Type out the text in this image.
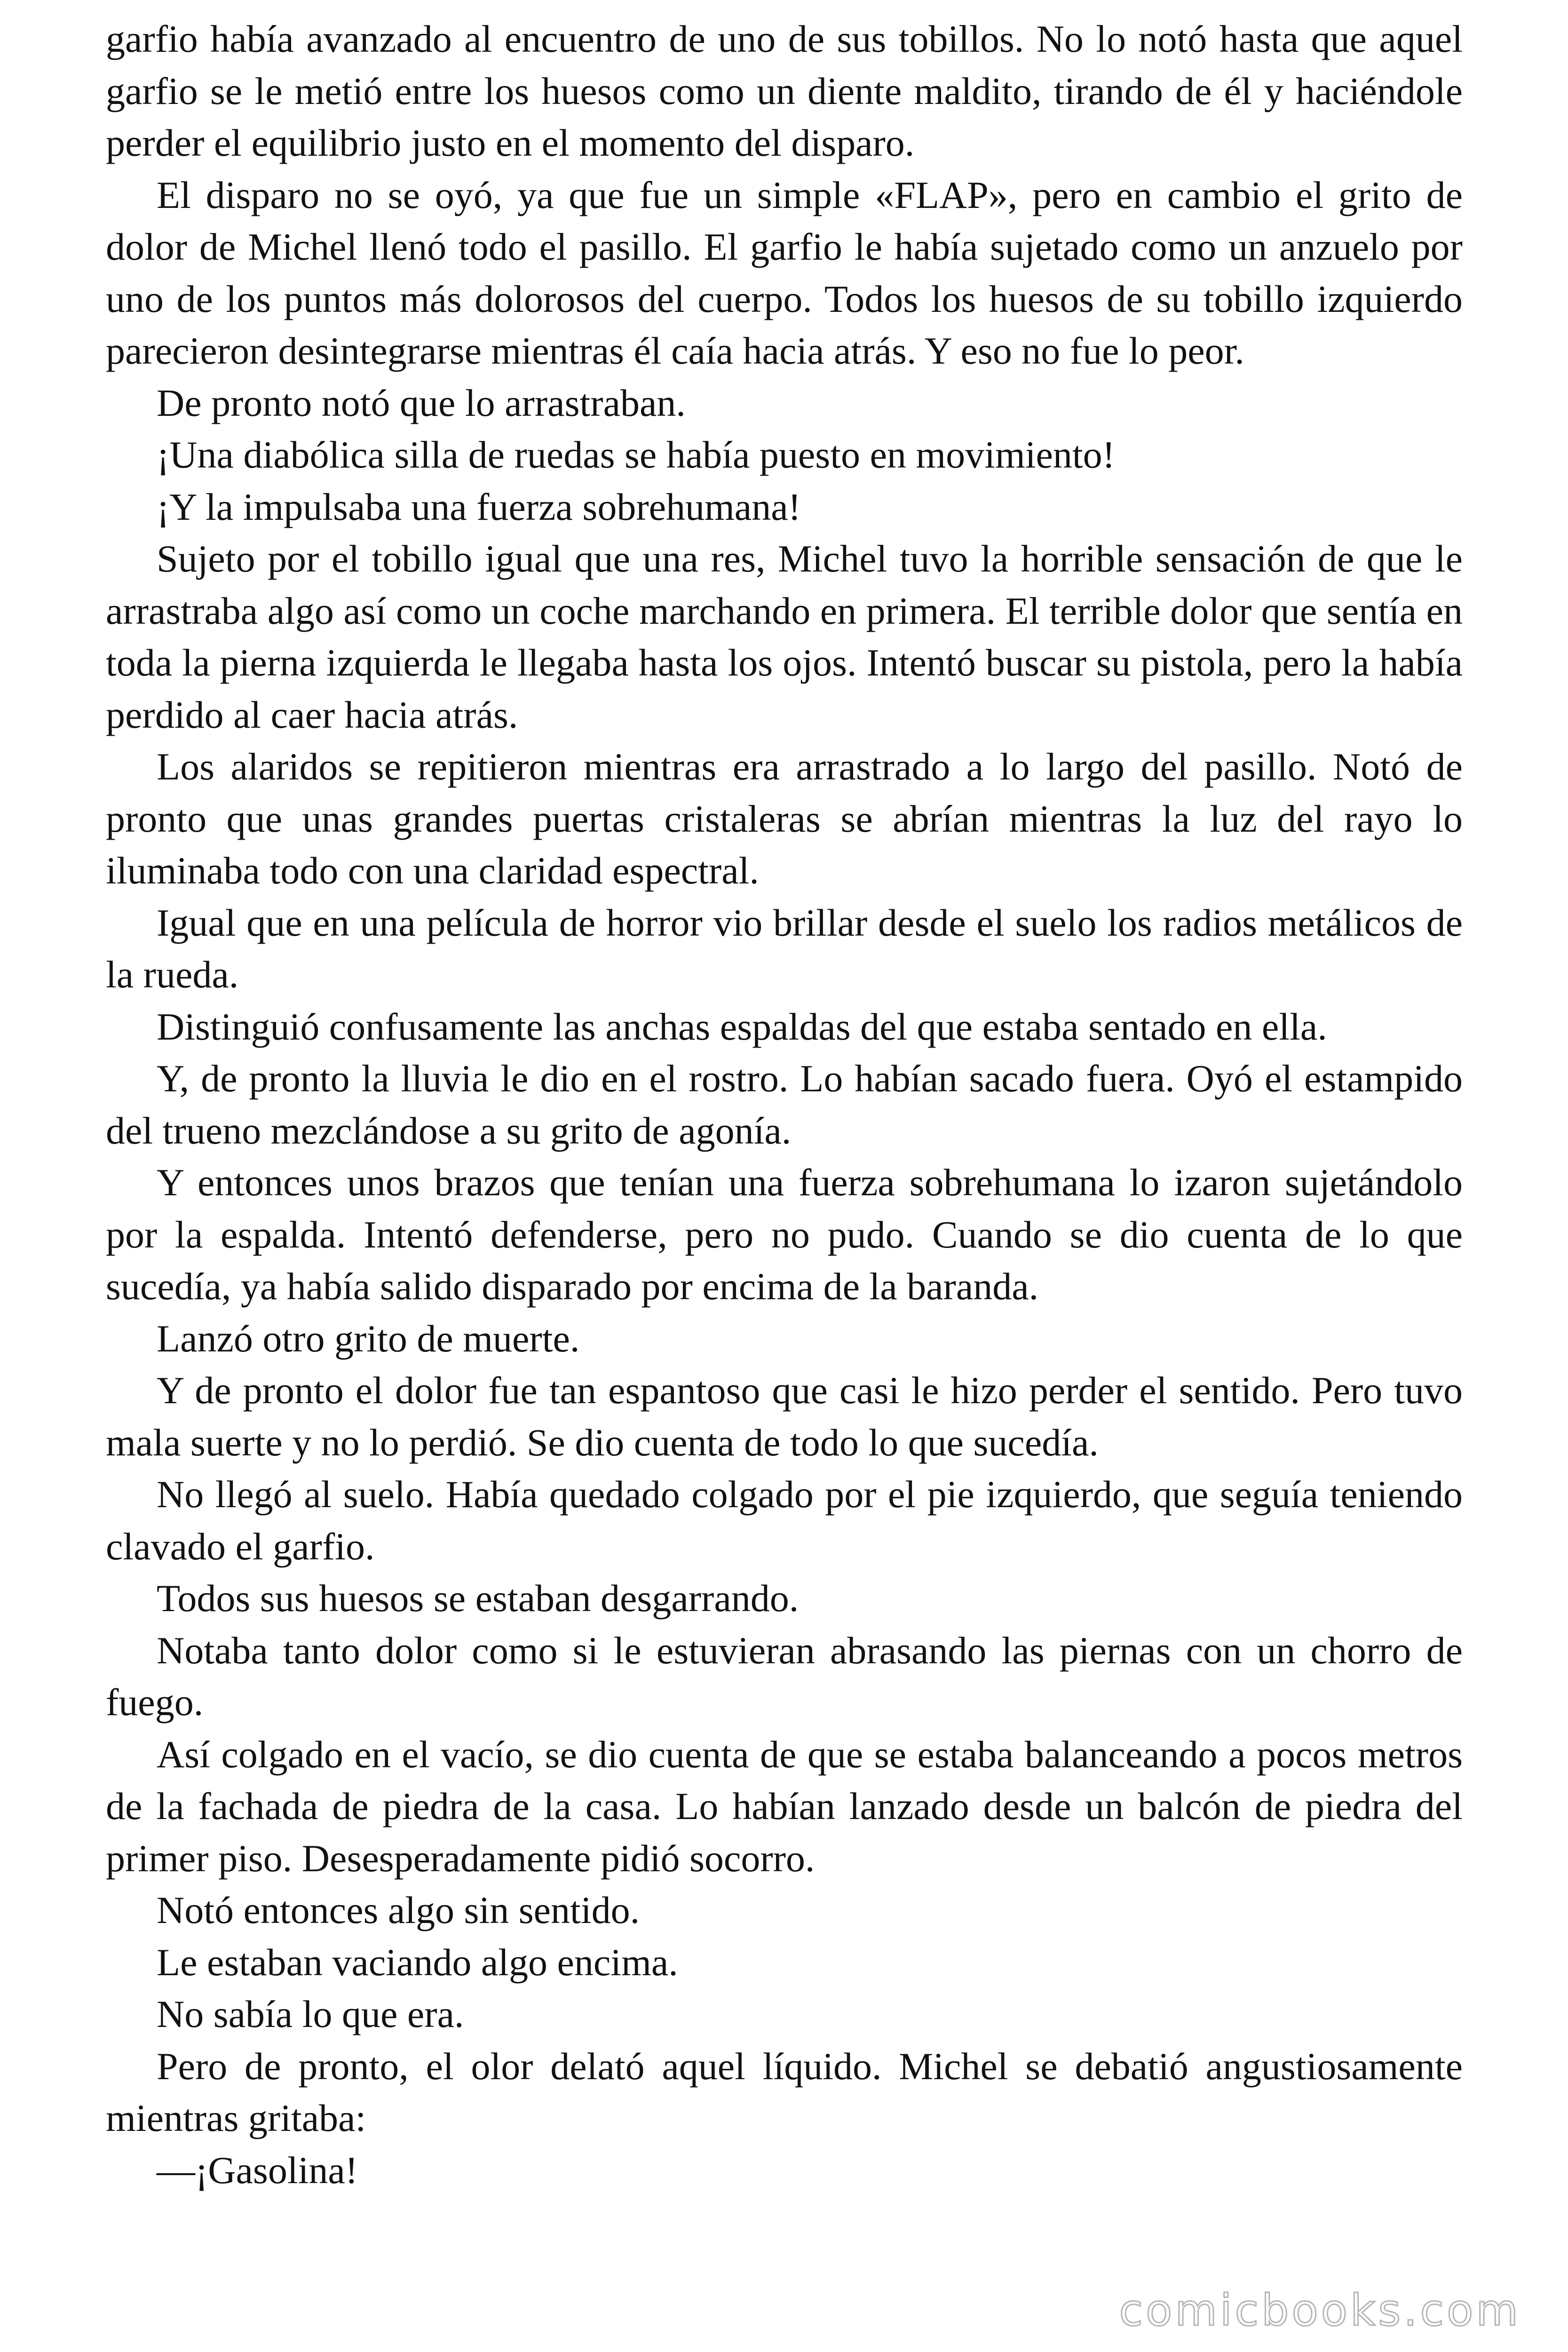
garfio había avanzado al encuentro de uno de sus tobillos. No lo notó hasta que aquel garfio se le metió entre los huesos como un diente maldito, tirando de él y haciéndole perder el equilibrio justo en el momento del disparo.

El disparo no se oyó, ya que fue un simple «FLAP», pero en cambio el grito de dolor de Michel llenó todo el pasillo. El garfio le había sujetado como un anzuelo por uno de los puntos más dolorosos del cuerpo. Todos los huesos de su tobillo izquierdo parecieron desintegrarse mientras él caía hacia atrás. Y eso no fue lo peor.

De pronto notó que lo arrastraban.

¡Una diabólica silla de ruedas se había puesto en movimiento!

¡Y la impulsaba una fuerza sobrehumana!

Sujeto por el tobillo igual que una res, Michel tuvo la horrible sensación de que le arrastraba algo así como un coche marchando en primera. El terrible dolor que sentía en toda la pierna izquierda le llegaba hasta los ojos. Intentó buscar su pistola, pero la había perdido al caer hacia atrás.

Los alaridos se repitieron mientras era arrastrado a lo largo del pasillo. Notó de pronto que unas grandes puertas cristaleras se abrían mientras la luz del rayo lo iluminaba todo con una claridad espectral.

Igual que en una película de horror vio brillar desde el suelo los radios metálicos de la rueda.

Distinguió confusamente las anchas espaldas del que estaba sentado en ella.

Y, de pronto la lluvia le dio en el rostro. Lo habían sacado fuera. Oyó el estampido del trueno mezclándose a su grito de agonía.

Y entonces unos brazos que tenían una fuerza sobrehumana lo izaron sujetándolo por la espalda. Intentó defenderse, pero no pudo. Cuando se dio cuenta de lo que sucedía, ya había salido disparado por encima de la baranda.

Lanzó otro grito de muerte.

Y de pronto el dolor fue tan espantoso que casi le hizo perder el sentido. Pero tuvo mala suerte y no lo perdió. Se dio cuenta de todo lo que sucedía.

No llegó al suelo. Había quedado colgado por el pie izquierdo, que seguía teniendo clavado el garfio.

Todos sus huesos se estaban desgarrando.

Notaba tanto dolor como si le estuvieran abrasando las piernas con un chorro de fuego.

Así colgado en el vacío, se dio cuenta de que se estaba balanceando a pocos metros de la fachada de piedra de la casa. Lo habían lanzado desde un balcón de piedra del primer piso. Desesperadamente pidió socorro.

Notó entonces algo sin sentido.

Le estaban vaciando algo encima.

No sabía lo que era.

Pero de pronto, el olor delató aquel líquido. Michel se debatió angustiosamente mientras gritaba:

—¡Gasolina!

comicbooks.com
